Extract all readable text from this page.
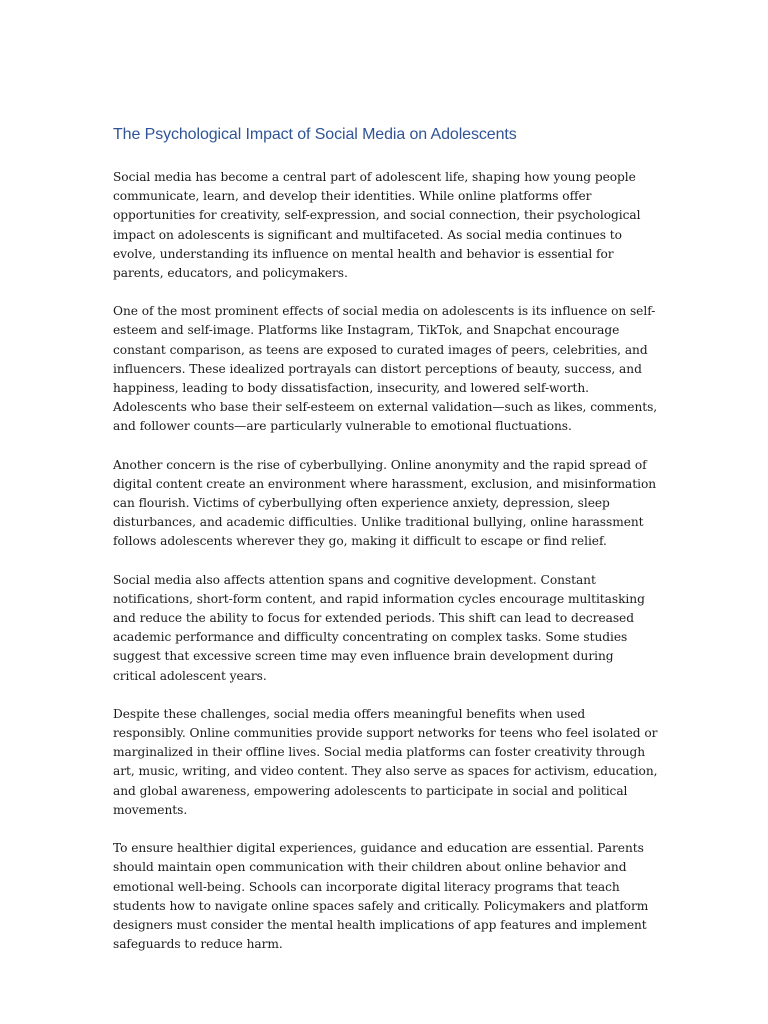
The Psychological Impact of Social Media on Adolescents

Social media has become a central part of adolescent life, shaping how young people communicate, learn, and develop their identities. While online platforms offer opportunities for creativity, self-expression, and social connection, their psychological impact on adolescents is significant and multifaceted. As social media continues to evolve, understanding its influence on mental health and behavior is essential for parents, educators, and policymakers.

One of the most prominent effects of social media on adolescents is its influence on self-esteem and self-image. Platforms like Instagram, TikTok, and Snapchat encourage constant comparison, as teens are exposed to curated images of peers, celebrities, and influencers. These idealized portrayals can distort perceptions of beauty, success, and happiness, leading to body dissatisfaction, insecurity, and lowered self-worth. Adolescents who base their self-esteem on external validation—such as likes, comments, and follower counts—are particularly vulnerable to emotional fluctuations.

Another concern is the rise of cyberbullying. Online anonymity and the rapid spread of digital content create an environment where harassment, exclusion, and misinformation can flourish. Victims of cyberbullying often experience anxiety, depression, sleep disturbances, and academic difficulties. Unlike traditional bullying, online harassment follows adolescents wherever they go, making it difficult to escape or find relief.

Social media also affects attention spans and cognitive development. Constant notifications, short-form content, and rapid information cycles encourage multitasking and reduce the ability to focus for extended periods. This shift can lead to decreased academic performance and difficulty concentrating on complex tasks. Some studies suggest that excessive screen time may even influence brain development during critical adolescent years.

Despite these challenges, social media offers meaningful benefits when used responsibly. Online communities provide support networks for teens who feel isolated or marginalized in their offline lives. Social media platforms can foster creativity through art, music, writing, and video content. They also serve as spaces for activism, education, and global awareness, empowering adolescents to participate in social and political movements.

To ensure healthier digital experiences, guidance and education are essential. Parents should maintain open communication with their children about online behavior and emotional well-being. Schools can incorporate digital literacy programs that teach students how to navigate online spaces safely and critically. Policymakers and platform designers must consider the mental health implications of app features and implement safeguards to reduce harm.
